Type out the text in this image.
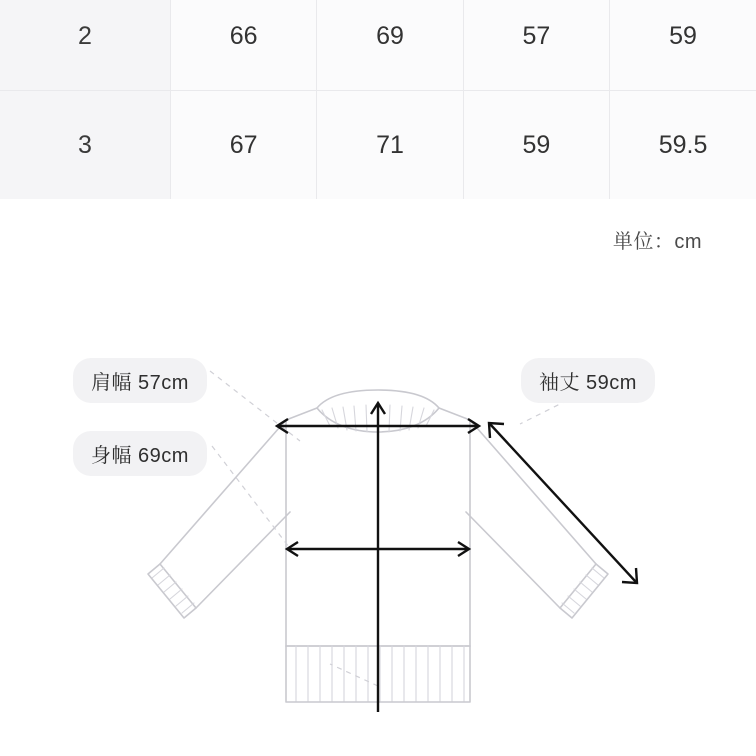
2	66	69	57	59
3	67	71	59	59.5
単位：cm
肩幅 57cm
身幅 69cm
袖丈 59cm
